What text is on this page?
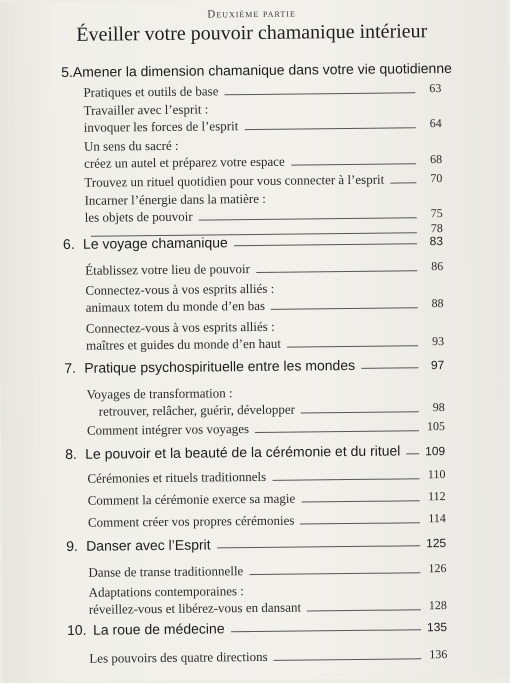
Deuxième partie
Éveiller votre pouvoir chamanique intérieur
5. Amener la dimension chamanique dans votre vie quotidienne
Pratiques et outils de base	63
Travailler avec l’esprit :
invoquer les forces de l’esprit	64
Un sens du sacré :
créez un autel et préparez votre espace	68
Trouvez un rituel quotidien pour vous connecter à l’esprit	70
Incarner l’énergie dans la matière :
les objets de pouvoir	75
78
6. Le voyage chamanique	83
Établissez votre lieu de pouvoir	86
Connectez-vous à vos esprits alliés :
animaux totem du monde d’en bas	88
Connectez-vous à vos esprits alliés :
maîtres et guides du monde d’en haut	93
7. Pratique psychospirituelle entre les mondes	97
Voyages de transformation :
retrouver, relâcher, guérir, développer	98
Comment intégrer vos voyages	105
8. Le pouvoir et la beauté de la cérémonie et du rituel 109
Cérémonies et rituels traditionnels	110
Comment la cérémonie exerce sa magie	112
Comment créer vos propres cérémonies	114
9. Danser avec l’Esprit	125
Danse de transe traditionnelle	126
Adaptations contemporaines :
réveillez-vous et libérez-vous en dansant	128
10. La roue de médecine	135
Les pouvoirs des quatre directions	136
